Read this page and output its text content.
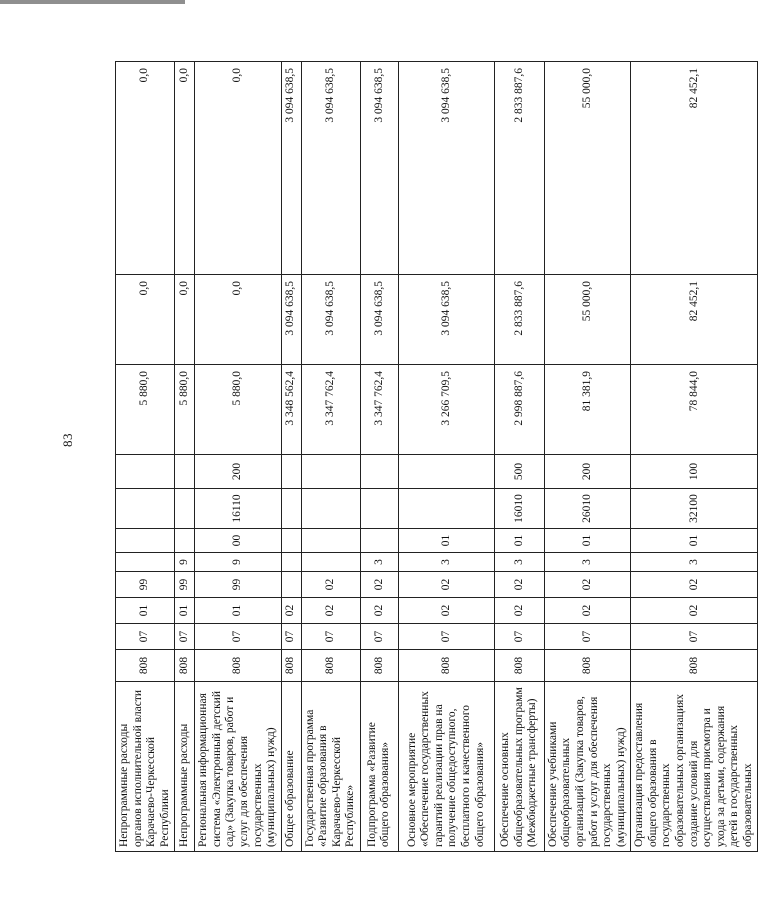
83
Непрограммные расходы органов исполнительной власти Карачаево-Черкесской Республики	808	07	01	99					5 880,0	0,0	0,0
Непрограммные расходы	808	07	01	99	9				5 880,0	0,0	0,0
Региональная информационная система «Электронный детский сад» (Закупка товаров, работ и услуг для обеспечения государственных (муниципальных) нужд)	808	07	01	99	9	00	16110	200	5 880,0	0,0	0,0
Общее образование	808	07	02						3 348 562,4	3 094 638,5	3 094 638,5
Государственная программа «Развитие образования в Карачаево-Черкесской Республике»	808	07	02	02					3 347 762,4	3 094 638,5	3 094 638,5
Подпрограмма «Развитие общего образования»	808	07	02	02	3				3 347 762,4	3 094 638,5	3 094 638,5
Основное мероприятие «Обеспечение государственных гарантий реализации прав на получение общедоступного, бесплатного и качественного общего образования»	808	07	02	02	3	01			3 266 709,5	3 094 638,5	3 094 638,5
Обеспечение основных общеобразовательных программ (Межбюджетные трансферты)	808	07	02	02	3	01	16010	500	2 998 887,6	2 833 887,6	2 833 887,6
Обеспечение учебниками общеобразовательных организаций (Закупка товаров, работ и услуг для обеспечения государственных (муниципальных) нужд)	808	07	02	02	3	01	26010	200	81 381,9	55 000,0	55 000,0
Организация предоставления общего образования в государственных образовательных организациях создание условий для осуществления присмотра и ухода за детьми, содержания детей в государственных образовательных	808	07	02	02	3	01	32100	100	78 844,0	82 452,1	82 452,1
